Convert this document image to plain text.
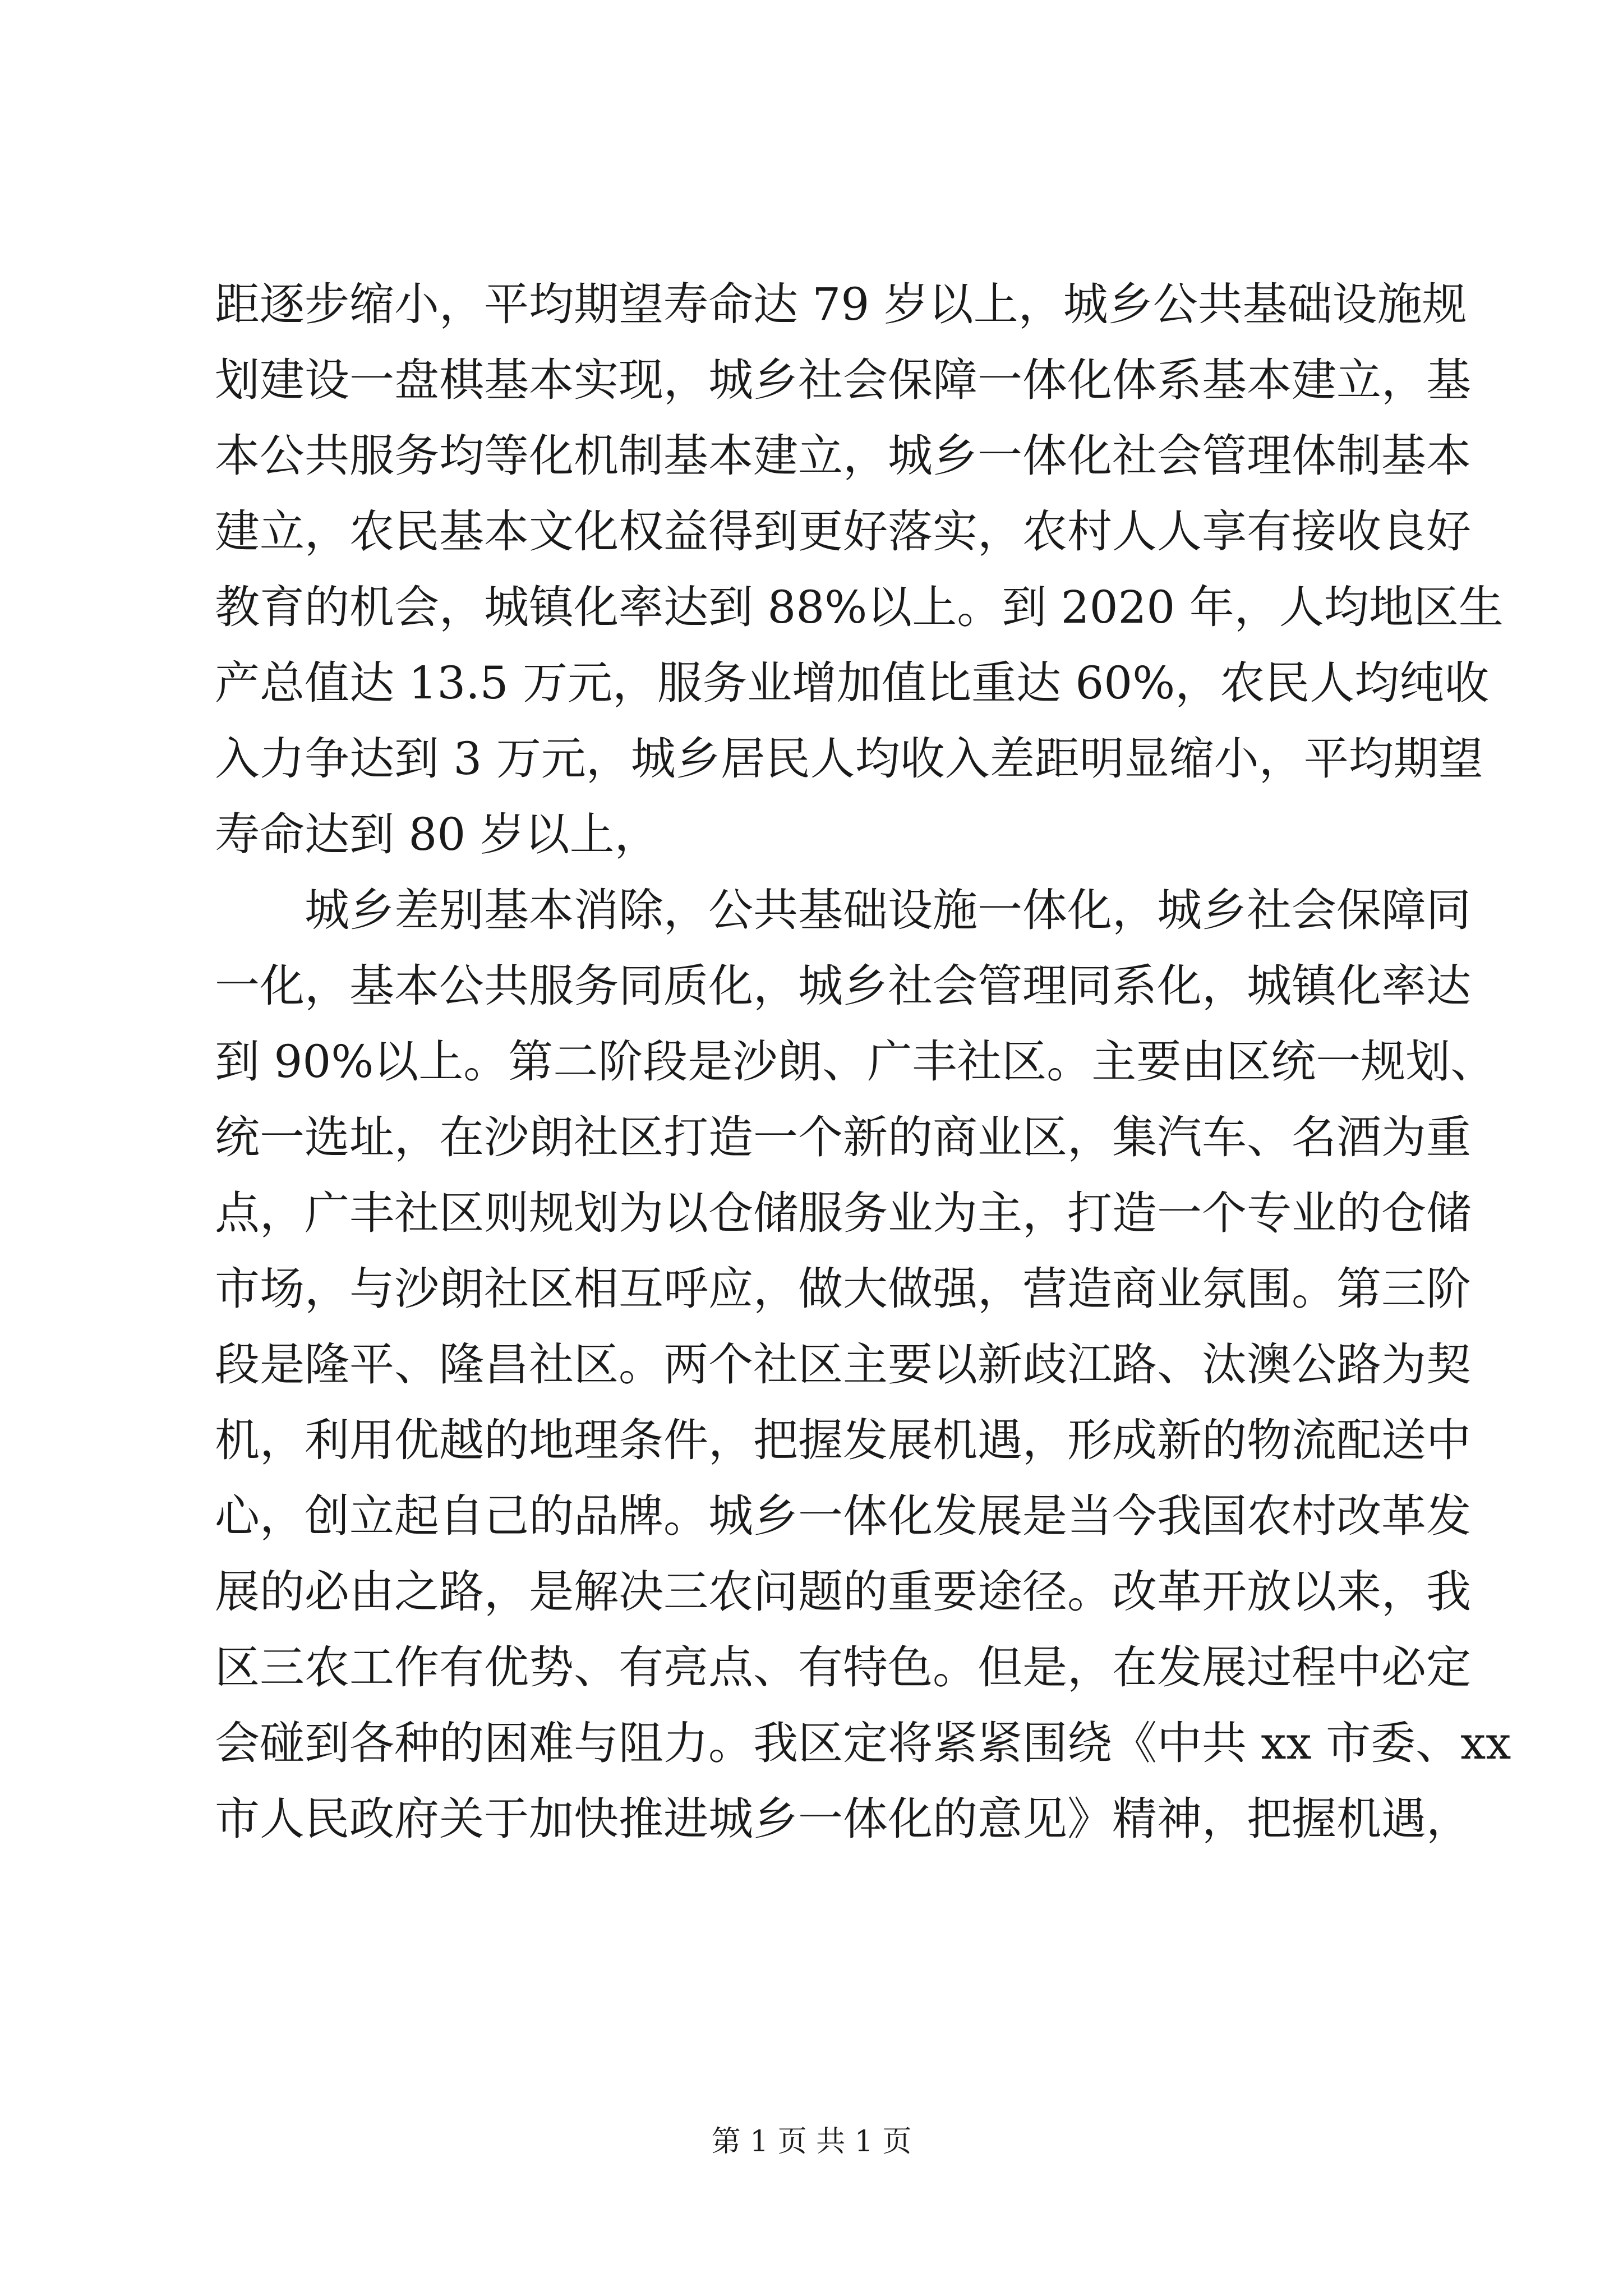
距逐步缩小，平均期望寿命达 79 岁以上，城乡公共基础设施规
划建设一盘棋基本实现，城乡社会保障一体化体系基本建立，基
本公共服务均等化机制基本建立，城乡一体化社会管理体制基本
建立，农民基本文化权益得到更好落实，农村人人享有接收良好
教育的机会，城镇化率达到 88%以上。到 2020 年，人均地区生
产总值达 13.5 万元，服务业增加值比重达 60%，农民人均纯收
入力争达到 3 万元，城乡居民人均收入差距明显缩小，平均期望
寿命达到 80 岁以上，
城乡差别基本消除，公共基础设施一体化，城乡社会保障同
一化，基本公共服务同质化，城乡社会管理同系化，城镇化率达
到 90%以上。第二阶段是沙朗、广丰社区。主要由区统一规划、
统一选址，在沙朗社区打造一个新的商业区，集汽车、名酒为重
点，广丰社区则规划为以仓储服务业为主，打造一个专业的仓储
市场，与沙朗社区相互呼应，做大做强，营造商业氛围。第三阶
段是隆平、隆昌社区。两个社区主要以新歧江路、汰澳公路为契
机，利用优越的地理条件，把握发展机遇，形成新的物流配送中
心，创立起自己的品牌。城乡一体化发展是当今我国农村改革发
展的必由之路，是解决三农问题的重要途径。改革开放以来，我
区三农工作有优势、有亮点、有特色。但是，在发展过程中必定
会碰到各种的困难与阻力。我区定将紧紧围绕《中共 xx 市委、xx
市人民政府关于加快推进城乡一体化的意见》精神，把握机遇，
第 1 页 共 1 页
